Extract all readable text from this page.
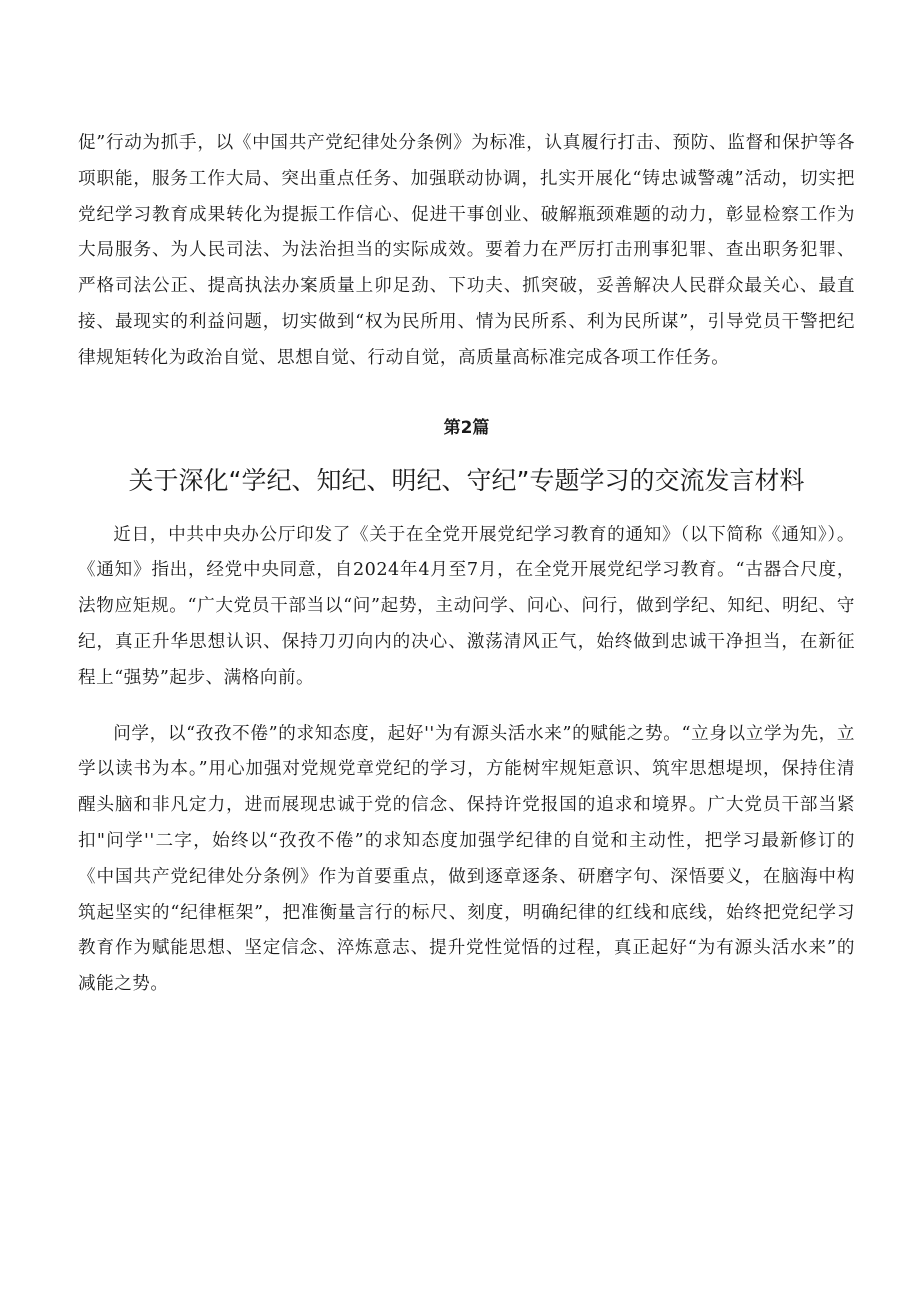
促”行动为抓手，以《中国共产党纪律处分条例》为标准，认真履行打击、预防、监督和保护等各项职能，服务工作大局、突出重点任务、加强联动协调，扎实开展化“铸忠诚警魂”活动，切实把党纪学习教育成果转化为提振工作信心、促进干事创业、破解瓶颈难题的动力，彰显检察工作为大局服务、为人民司法、为法治担当的实际成效。要着力在严厉打击刑事犯罪、查出职务犯罪、严格司法公正、提高执法办案质量上卯足劲、下功夫、抓突破，妥善解决人民群众最关心、最直接、最现实的利益问题，切实做到“权为民所用、情为民所系、利为民所谋”，引导党员干警把纪律规矩转化为政治自觉、思想自觉、行动自觉，高质量高标准完成各项工作任务。

第2篇
关于深化“学纪、知纪、明纪、守纪”专题学习的交流发言材料

近日，中共中央办公厅印发了《关于在全党开展党纪学习教育的通知》（以下简称《通知》）。《通知》指出，经党中央同意，自2024年4月至7月，在全党开展党纪学习教育。“古器合尺度，法物应矩规。“广大党员干部当以“问”起势，主动问学、问心、问行，做到学纪、知纪、明纪、守纪，真正升华思想认识、保持刀刃向内的决心、激荡清风正气，始终做到忠诚干净担当，在新征程上“强势”起步、满格向前。

问学，以“孜孜不倦”的求知态度，起好''为有源头活水来”的赋能之势。“立身以立学为先，立学以读书为本。”用心加强对党规党章党纪的学习，方能树牢规矩意识、筑牢思想堤坝，保持住清醒头脑和非凡定力，进而展现忠诚于党的信念、保持许党报国的追求和境界。广大党员干部当紧扣"问学''二字，始终以“孜孜不倦”的求知态度加强学纪律的自觉和主动性，把学习最新修订的《中国共产党纪律处分条例》作为首要重点，做到逐章逐条、研磨字句、深悟要义，在脑海中构筑起坚实的“纪律框架”，把准衡量言行的标尺、刻度，明确纪律的红线和底线，始终把党纪学习教育作为赋能思想、坚定信念、淬炼意志、提升党性觉悟的过程，真正起好“为有源头活水来”的减能之势。
